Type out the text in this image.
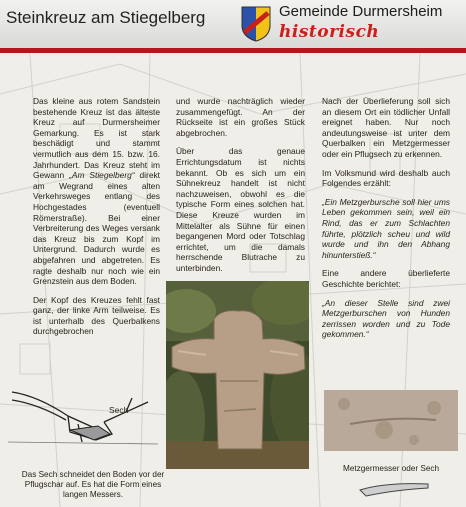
Steinkreuz am Stiegelberg	Gemeinde Durmersheim
historisch

Das kleine aus rotem Sandstein bestehende Kreuz ist das älteste Kreuz auf Durmersheimer Gemarkung. Es ist stark beschädigt und stammt vermutlich aus dem 15. bzw. 16. Jahrhundert. Das Kreuz steht im Gewann „Am Stiegelberg“ direkt am Wegrand eines alten Verkehrsweges entlang des Hochgestades (eventuell Römerstraße). Bei einer Verbreiterung des Weges versank das Kreuz bis zum Kopf im Untergrund. Dadurch wurde es abgefahren und abgetreten. Es ragte deshalb nur noch wie ein Grenzstein aus dem Boden.

Der Kopf des Kreuzes fehlt fast ganz, der linke Arm teilweise. Es ist unterhalb des Querbalkens durchgebrochen

und wurde nachträglich wieder zusammengefügt. An der Rückseite ist ein großes Stück abgebrochen.

Über das genaue Errichtungsdatum ist nichts bekannt. Ob es sich um ein Sühnekreuz handelt ist nicht nachzuweisen, obwohl es die typische Form eines solchen hat. Diese Kreuze wurden im Mittelalter als Sühne für einen begangenen Mord oder Totschlag errichtet, um die damals herrschende Blutrache zu unterbinden.

Nach der Überlieferung soll sich an diesem Ort ein tödlicher Unfall ereignet haben. Nur noch andeutungsweise ist unter dem Querbalken ein Metzgermesser oder ein Pflugsech zu erkennen.

Im Volksmund wird deshalb auch Folgendes erzählt:

„Ein Metzgerbursche soll hier ums Leben gekommen sein, weil ein Rind, das er zum Schlachten führte, plötzlich scheu und wild wurde und ihn den Abhang hinunterstieß.“

Eine andere überlieferte Geschichte berichtet:

„An dieser Stelle sind zwei Metzgerburschen von Hunden zerrissen worden und zu Tode gekommen.“

Sech
Das Sech schneidet den Boden vor der Pflugschar auf. Es hat die Form eines langen Messers.
Metzgermesser oder Sech
